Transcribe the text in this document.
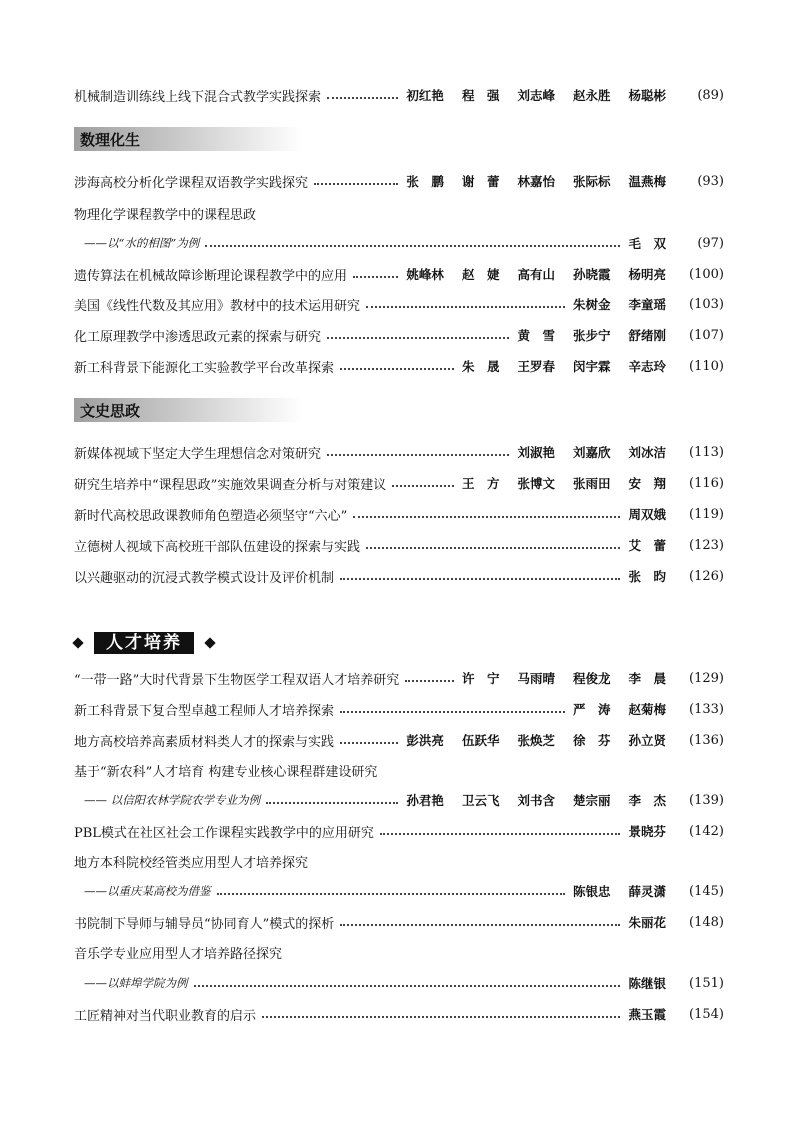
机械制造训练线上线下混合式教学实践探索	初红艳 程　强 刘志峰 赵永胜 杨聪彬	(89)
数理化生
涉海高校分析化学课程双语教学实践探究	张　鹏 谢　蕾 林嘉怡 张际标 温燕梅	(93)
物理化学课程教学中的课程思政
——以“水的相图”为例	毛　双	(97)
遗传算法在机械故障诊断理论课程教学中的应用	姚峰林 赵　婕 高有山 孙晓霞 杨明亮	(100)
美国《线性代数及其应用》教材中的技术运用研究	朱树金 李童瑶	(103)
化工原理教学中渗透思政元素的探索与研究	黄　雪 张步宁 舒绪刚	(107)
新工科背景下能源化工实验教学平台改革探索	朱　晟 王罗春 闵宇霖 辛志玲	(110)
文史思政
新媒体视域下坚定大学生理想信念对策研究	刘淑艳 刘嘉欣 刘冰洁	(113)
研究生培养中“课程思政”实施效果调查分析与对策建议	王　方 张博文 张雨田 安　翔	(116)
新时代高校思政课教师角色塑造必须坚守“六心”	周双娥	(119)
立德树人视域下高校班干部队伍建设的探索与实践	艾　蕾	(123)
以兴趣驱动的沉浸式教学模式设计及评价机制	张　昀	(126)
人才培养
“一带一路”大时代背景下生物医学工程双语人才培养研究	许　宁 马雨晴 程俊龙 李　晨	(129)
新工科背景下复合型卓越工程师人才培养探索	严　涛 赵菊梅	(133)
地方高校培养高素质材料类人才的探索与实践	彭洪亮 伍跃华 张焕芝 徐　芬 孙立贤	(136)
基于“新农科”人才培育 构建专业核心课程群建设研究
—— 以信阳农林学院农学专业为例	孙君艳 卫云飞 刘书含 楚宗丽 李　杰	(139)
PBL模式在社区社会工作课程实践教学中的应用研究	景晓芬	(142)
地方本科院校经管类应用型人才培养探究
——以重庆某高校为借鉴	陈银忠 薛灵潇	(145)
书院制下导师与辅导员“协同育人”模式的探析	朱丽花	(148)
音乐学专业应用型人才培养路径探究
——以蚌埠学院为例	陈继银	(151)
工匠精神对当代职业教育的启示	燕玉霞	(154)
